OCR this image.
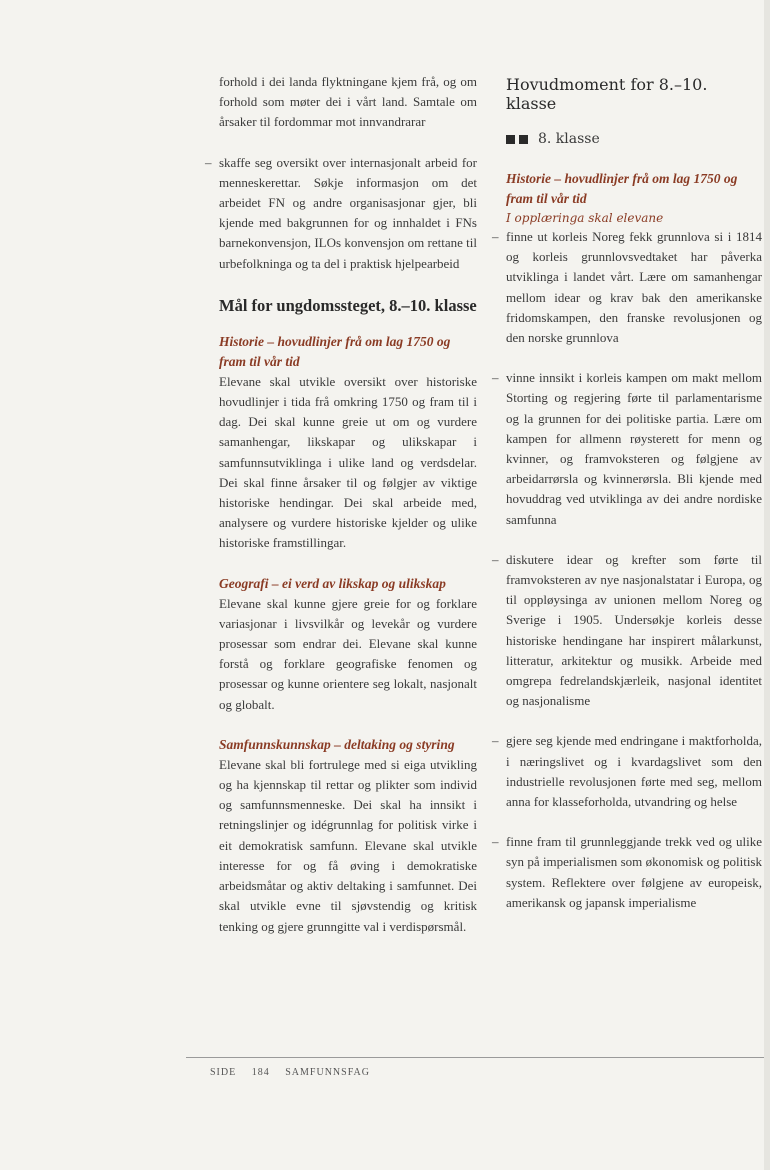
forhold i dei landa flyktningane kjem frå, og om forhold som møter dei i vårt land. Samtale om årsaker til fordommar mot innvandrarar

– skaffe seg oversikt over internasjonalt arbeid for menneskerettar. Søkje informasjon om det arbeidet FN og andre organisasjonar gjer, bli kjende med bakgrunnen for og innhaldet i FNs barnekonvensjon, ILOs konvensjon om rettane til urbefolkninga og ta del i praktisk hjelpearbeid

Mål for ungdomssteget, 8.–10. klasse
Historie – hovudlinjer frå om lag 1750 og fram til vår tid

Elevane skal utvikle oversikt over historiske hovudlinjer i tida frå omkring 1750 og fram til i dag. Dei skal kunne greie ut om og vurdere samanhengar, likskapar og ulikskapar i samfunnsutviklinga i ulike land og verdsdelar. Dei skal finne årsaker til og følgjer av viktige historiske hendingar. Dei skal arbeide med, analysere og vurdere historiske kjelder og ulike historiske framstillingar.

Geografi – ei verd av likskap og ulikskap

Elevane skal kunne gjere greie for og forklare variasjonar i livsvilkår og levekår og vurdere prosessar som endrar dei. Elevane skal kunne forstå og forklare geografiske fenomen og prosessar og kunne orientere seg lokalt, nasjonalt og globalt.

Samfunnskunnskap – deltaking og styring

Elevane skal bli fortrulege med si eiga utvikling og ha kjennskap til rettar og plikter som individ og samfunnsmenneske. Dei skal ha innsikt i retningslinjer og idégrunnlag for politisk virke i eit demokratisk samfunn. Elevane skal utvikle interesse for og få øving i demokratiske arbeidsmåtar og aktiv deltaking i samfunnet. Dei skal utvikle evne til sjøvstendig og kritisk tenking og gjere grunngitte val i verdispørsmål.

Hovudmoment for 8.–10. klasse
8. klasse
Historie – hovudlinjer frå om lag 1750 og fram til vår tid
I opplæringa skal elevane

– finne ut korleis Noreg fekk grunnlova si i 1814 og korleis grunnlovsvedtaket har påverka utviklinga i landet vårt. Lære om samanhengar mellom idear og krav bak den amerikanske fridomskampen, den franske revolusjonen og den norske grunnlova

– vinne innsikt i korleis kampen om makt mellom Storting og regjering førte til parlamentarisme og la grunnen for dei politiske partia. Lære om kampen for allmenn røysterett for menn og kvinner, og framvoksteren og følgjene av arbeidarrørsla og kvinnerørsla. Bli kjende med hovuddrag ved utviklinga av dei andre nordiske samfunna

– diskutere idear og krefter som førte til framvoksteren av nye nasjonalstatar i Europa, og til oppløysinga av unionen mellom Noreg og Sverige i 1905. Undersøkje korleis desse historiske hendingane har inspirert målarkunst, litteratur, arkitektur og musikk. Arbeide med omgrepa fedrelandskjærleik, nasjonal identitet og nasjonalisme

– gjere seg kjende med endringane i maktforholda, i næringslivet og i kvardagslivet som den industrielle revolusjonen førte med seg, mellom anna for klasseforholda, utvandring og helse

– finne fram til grunnleggjande trekk ved og ulike syn på imperialismen som økonomisk og politisk system. Reflektere over følgjene av europeisk, amerikansk og japansk imperialisme

SIDE 184 SAMFUNNSFAG
